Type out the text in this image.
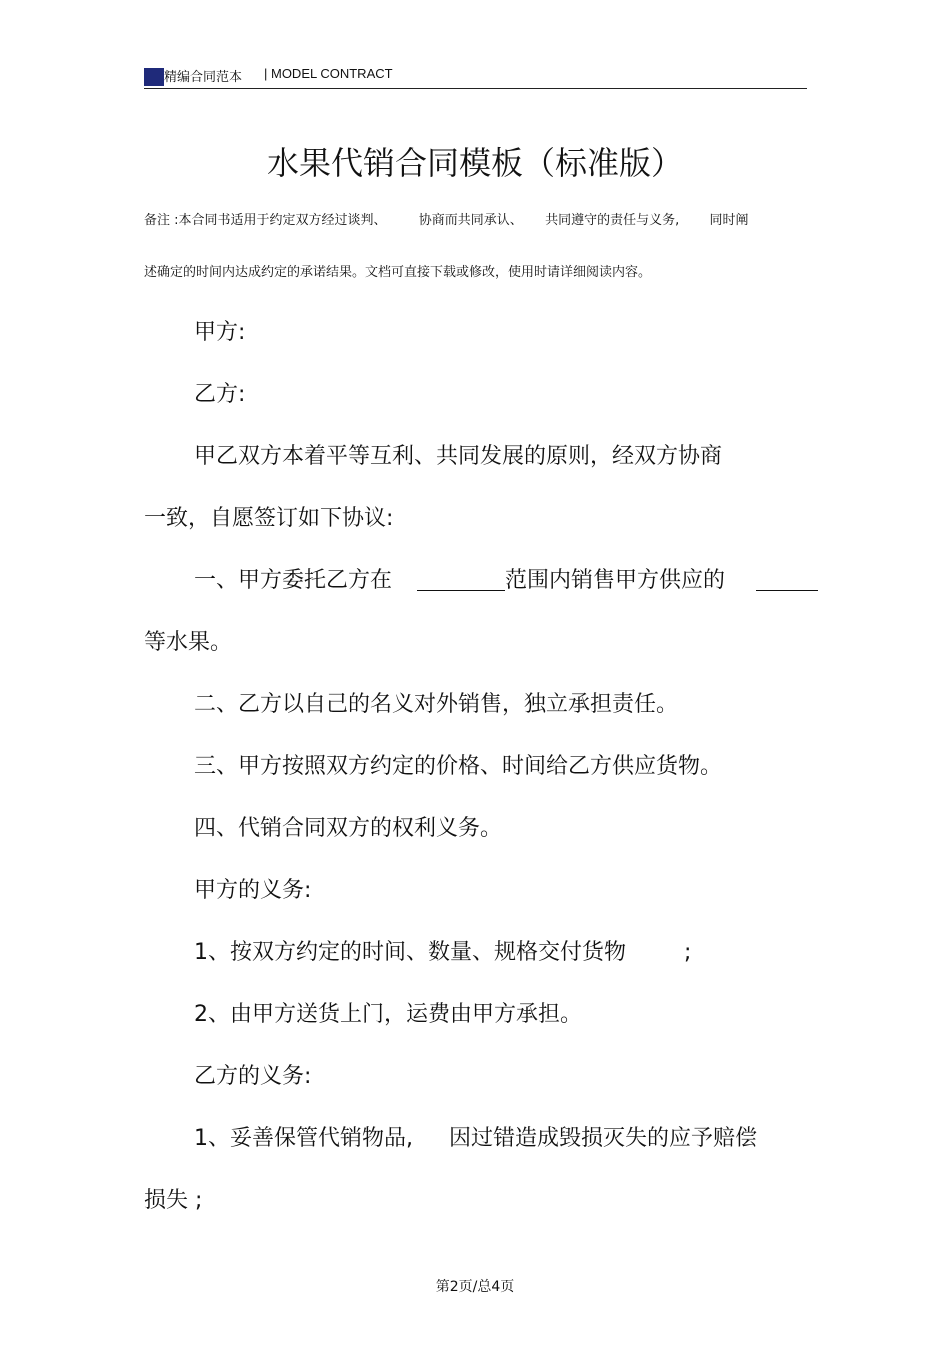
精编合同范本 | MODEL CONTRACT
水果代销合同模板（标准版）
备注 :本合同书适用于约定双方经过谈判、 协商而共同承认、 共同遵守的责任与义务, 同时阐
述确定的时间内达成约定的承诺结果。文档可直接下载或修改，使用时请详细阅读内容。
甲方:
乙方:
甲乙双方本着平等互利、共同发展的原则，经双方协商
一致，自愿签订如下协议:
一、甲方委托乙方在	范围内销售甲方供应的
等水果。
二、乙方以自己的名义对外销售，独立承担责任。
三、甲方按照双方约定的价格、时间给乙方供应货物。
四、代销合同双方的权利义务。
甲方的义务:
1、按双方约定的时间、数量、规格交付货物	;
2、由甲方送货上门，运费由甲方承担。
乙方的义务:
1、妥善保管代销物品, 因过错造成毁损灭失的应予赔偿
损失 ;
第2页/总4页
